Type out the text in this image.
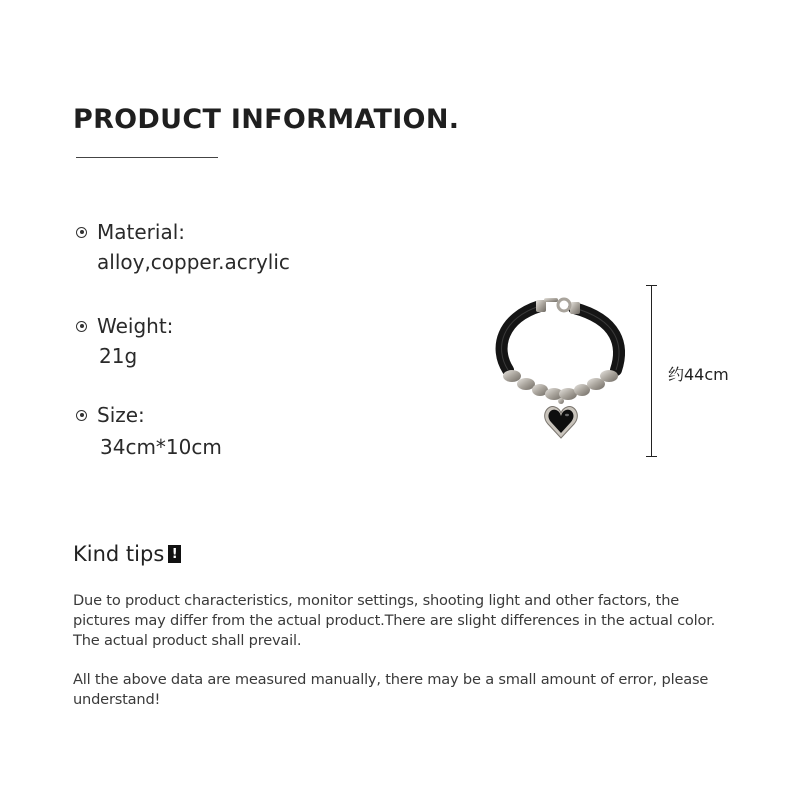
PRODUCT INFORMATION.
Material:
alloy,copper.acrylic
Weight:
21g
Size:
34cm*10cm
约44cm
Kind tips !
Due to product characteristics, monitor settings, shooting light and other factors, the pictures may differ from the actual product.There are slight differences in the actual color. The actual product shall prevail.
All the above data are measured manually, there may be a small amount of error, please understand!
